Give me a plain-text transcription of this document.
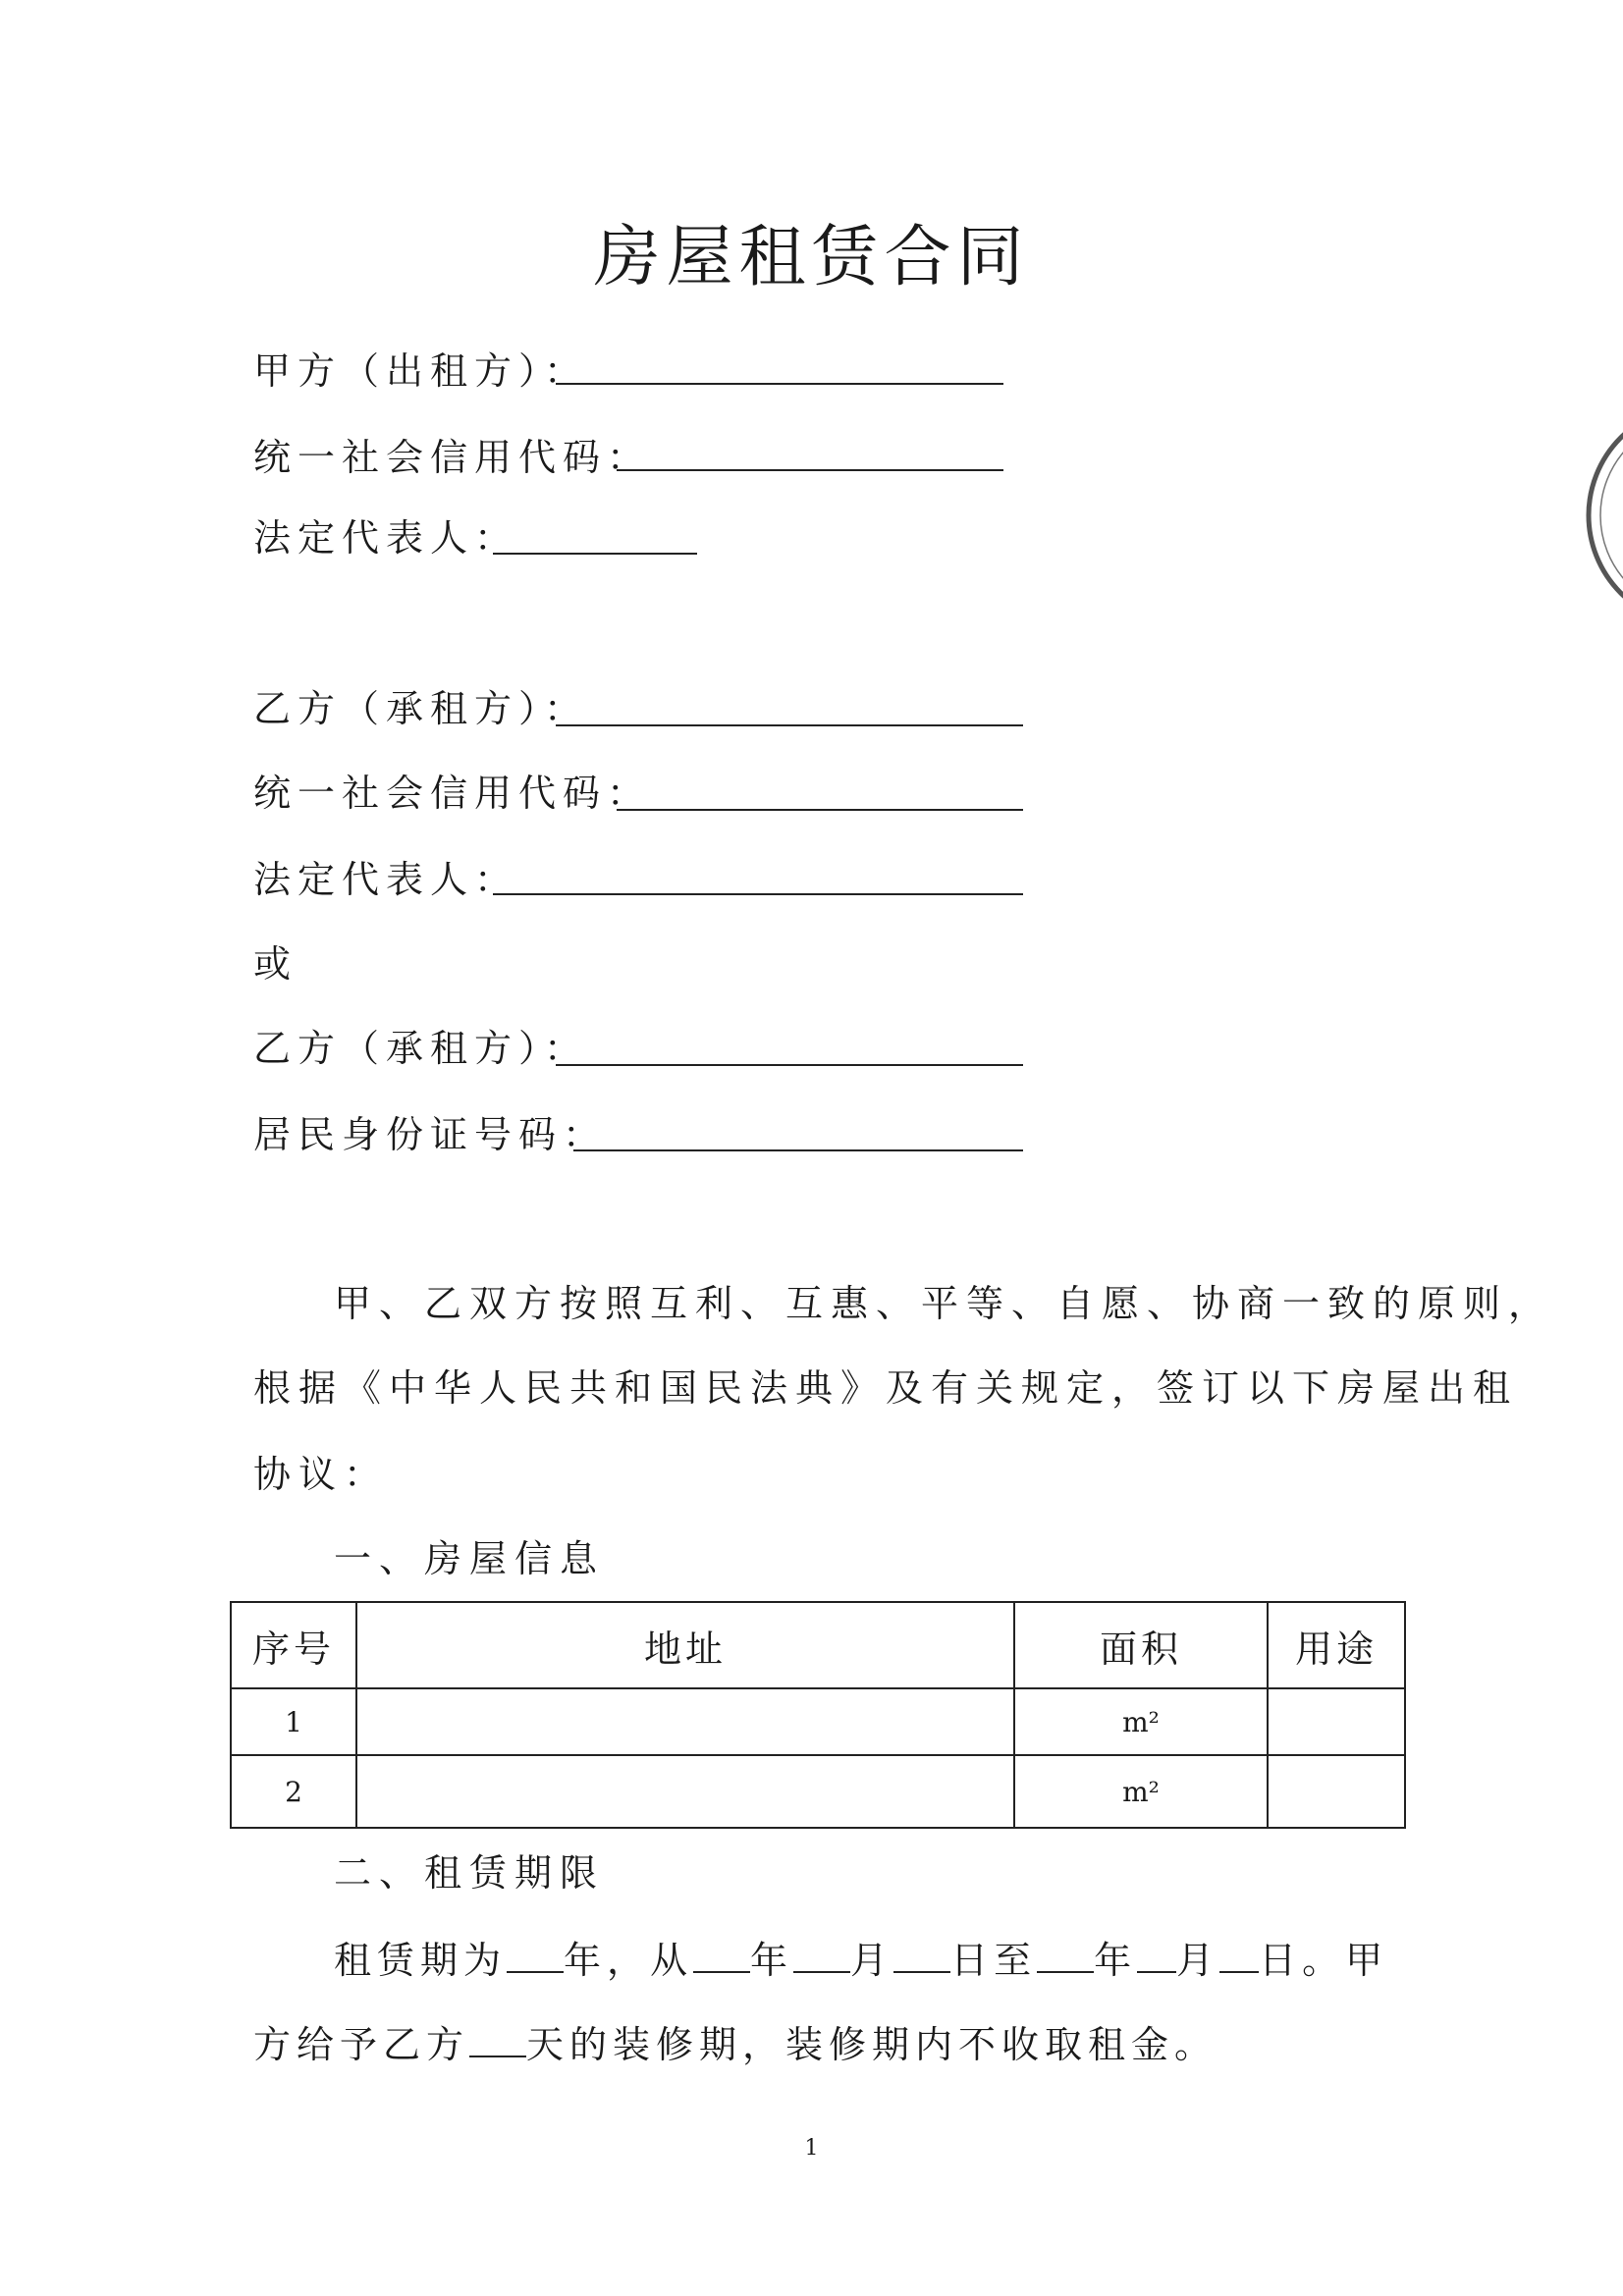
房屋租赁合同
甲方（出租方）：
统一社会信用代码：
法定代表人：
乙方（承租方）：
统一社会信用代码：
法定代表人：
或
乙方（承租方）：
居民身份证号码：
甲、乙双方按照互利、互惠、平等、自愿、协商一致的原则，
根据《中华人民共和国民法典》及有关规定，签订以下房屋出租
协议：
一、房屋信息
序号	地址	面积	用途
1		m²	
2		m²	
二、租赁期限
租赁期为 年，从 年 月 日至 年 月 日。甲
方给予乙方 天的装修期，装修期内不收取租金。
1
